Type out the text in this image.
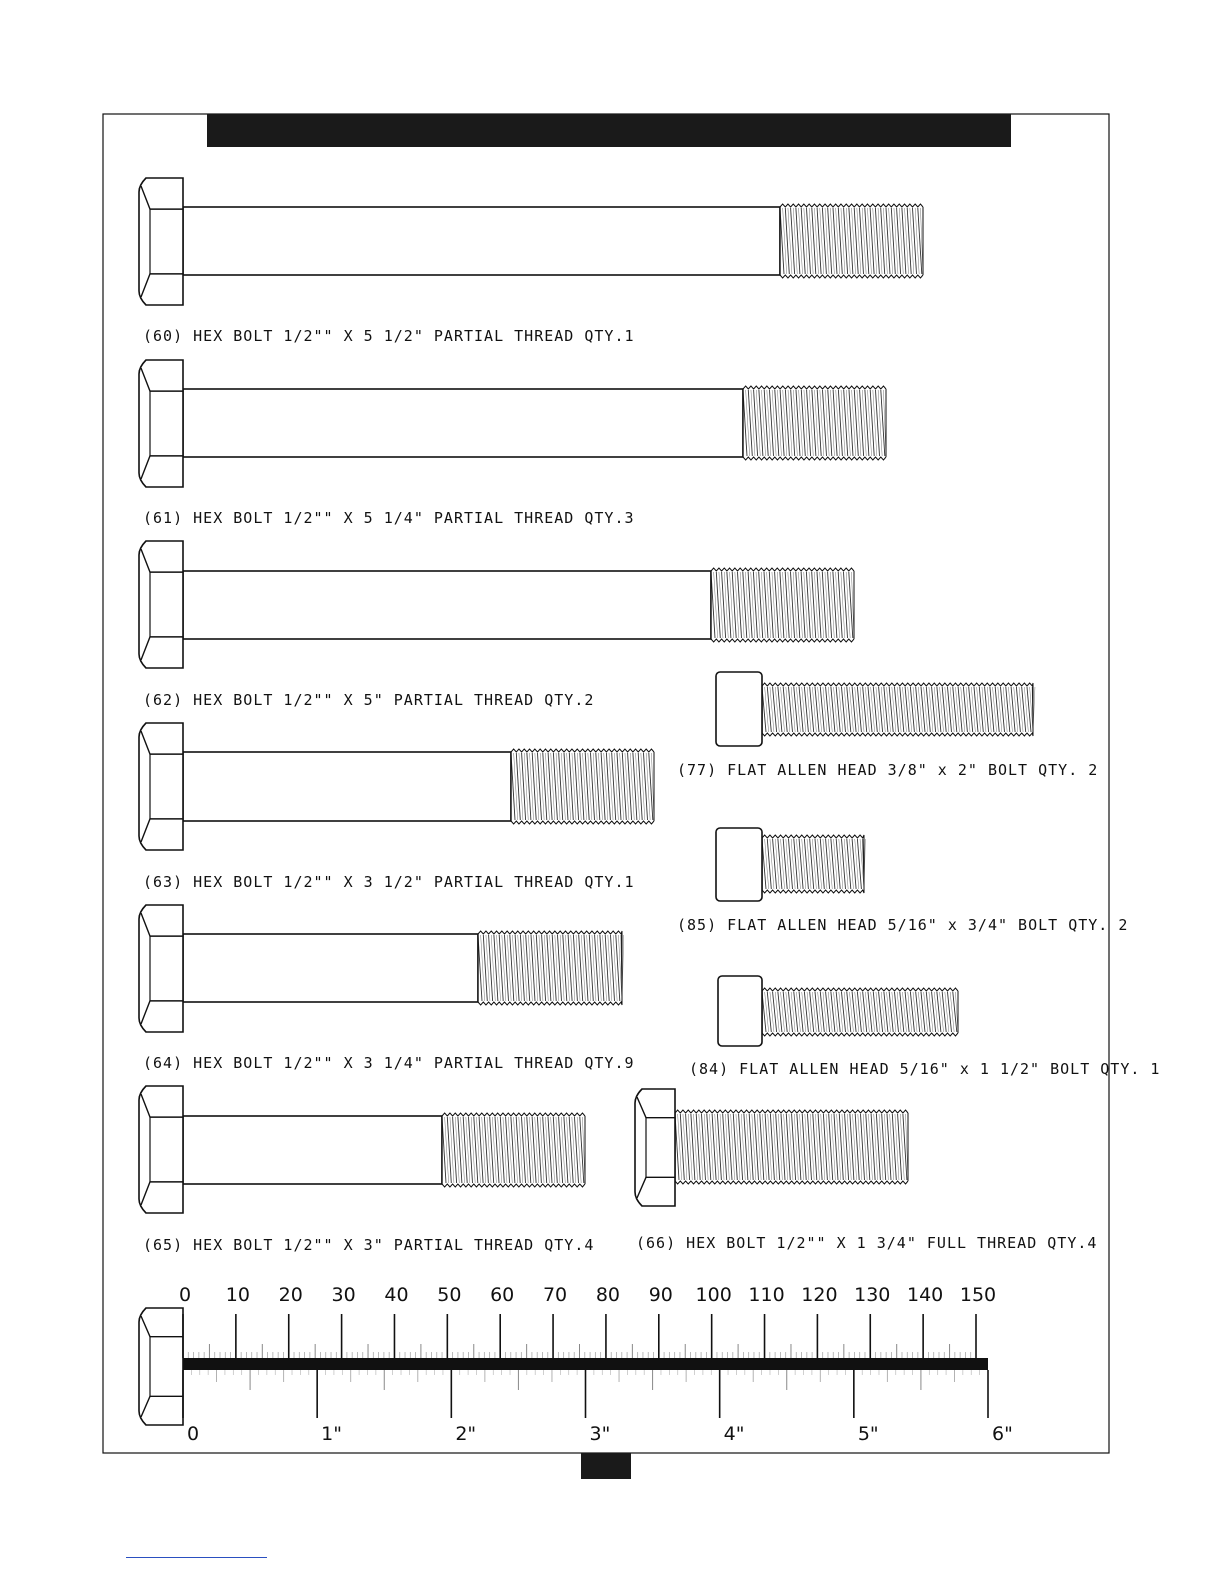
(60) HEX BOLT 1/2"" X 5 1/2" PARTIAL THREAD QTY.1
(61) HEX BOLT 1/2"" X 5 1/4" PARTIAL THREAD QTY.3
(62) HEX BOLT 1/2"" X 5" PARTIAL THREAD QTY.2
(63) HEX BOLT 1/2"" X 3 1/2" PARTIAL THREAD QTY.1
(64) HEX BOLT 1/2"" X 3 1/4" PARTIAL THREAD QTY.9
(65) HEX BOLT 1/2"" X 3" PARTIAL THREAD QTY.4
(77) FLAT ALLEN HEAD 3/8" x 2" BOLT QTY. 2
(85) FLAT ALLEN HEAD 5/16" x 3/4" BOLT QTY. 2
(84) FLAT ALLEN HEAD 5/16" x 1 1/2" BOLT QTY. 1
(66) HEX BOLT 1/2"" X 1 3/4" FULL THREAD QTY.4
0 10 20 30 40 50 60 70 80 90 100 110 120 130 140 150
0	1"	2"	3"	4"	5"	6"
